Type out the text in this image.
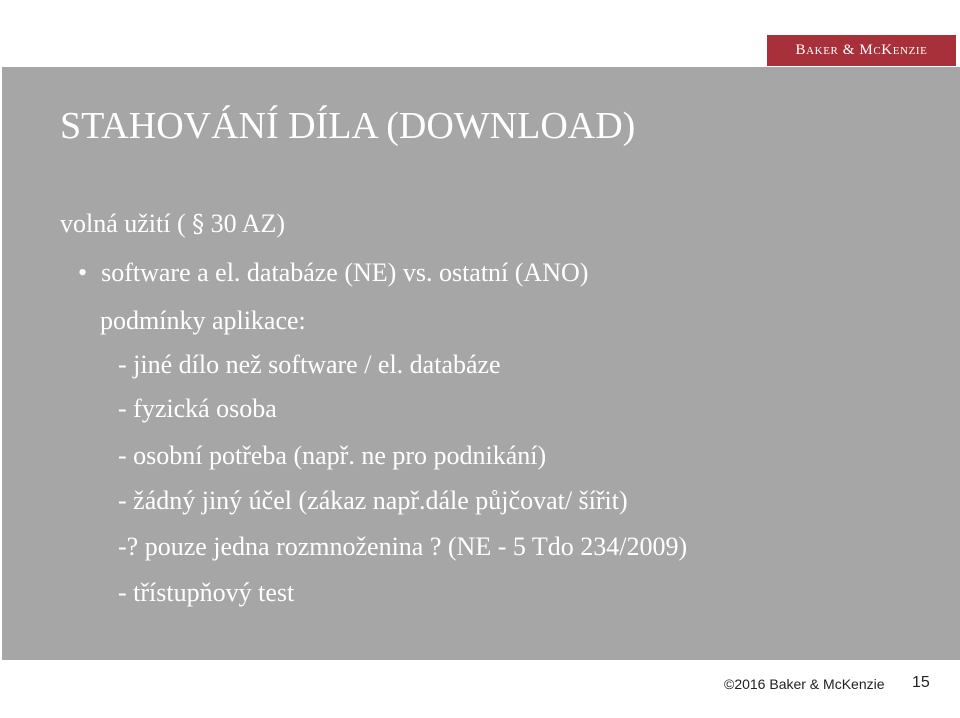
Baker & McKenzie
STAHOVÁNÍ DÍLA (DOWNLOAD)
volná užití ( § 30 AZ)
• software a el. databáze (NE) vs. ostatní (ANO)
podmínky aplikace:
- jiné dílo než software / el. databáze
- fyzická osoba
- osobní potřeba (např. ne pro podnikání)
- žádný jiný účel (zákaz např.dále půjčovat/ šířit)
-? pouze jedna rozmnoženina ? (NE - 5 Tdo 234/2009)
- třístupňový test
©2016 Baker & McKenzie 15
